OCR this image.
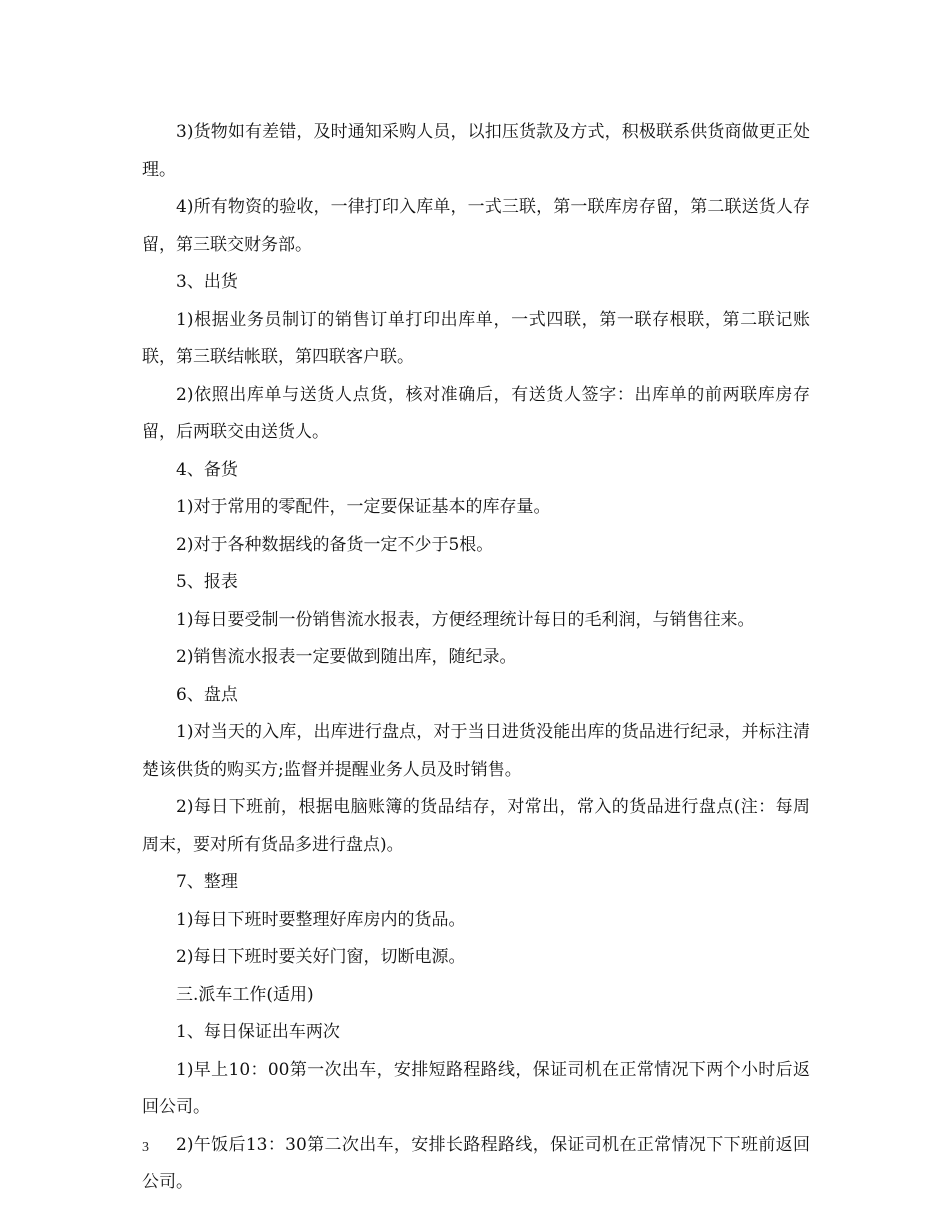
3)货物如有差错，及时通知采购人员，以扣压货款及方式，积极联系供货商做更正处理。

4)所有物资的验收，一律打印入库单，一式三联，第一联库房存留，第二联送货人存留，第三联交财务部。

3、出货

1)根据业务员制订的销售订单打印出库单，一式四联，第一联存根联，第二联记账联，第三联结帐联，第四联客户联。

2)依照出库单与送货人点货，核对准确后，有送货人签字：出库单的前两联库房存留，后两联交由送货人。

4、备货

1)对于常用的零配件，一定要保证基本的库存量。

2)对于各种数据线的备货一定不少于5根。

5、报表

1)每日要受制一份销售流水报表，方便经理统计每日的毛利润，与销售往来。

2)销售流水报表一定要做到随出库，随纪录。

6、盘点

1)对当天的入库，出库进行盘点，对于当日进货没能出库的货品进行纪录，并标注清楚该供货的购买方;监督并提醒业务人员及时销售。

2)每日下班前，根据电脑账簿的货品结存，对常出，常入的货品进行盘点(注：每周周末，要对所有货品多进行盘点)。

7、整理

1)每日下班时要整理好库房内的货品。

2)每日下班时要关好门窗，切断电源。

三.派车工作(适用)

1、每日保证出车两次

1)早上10：00第一次出车，安排短路程路线，保证司机在正常情况下两个小时后返回公司。

2)午饭后13：30第二次出车，安排长路程路线，保证司机在正常情况下下班前返回公司。

3
